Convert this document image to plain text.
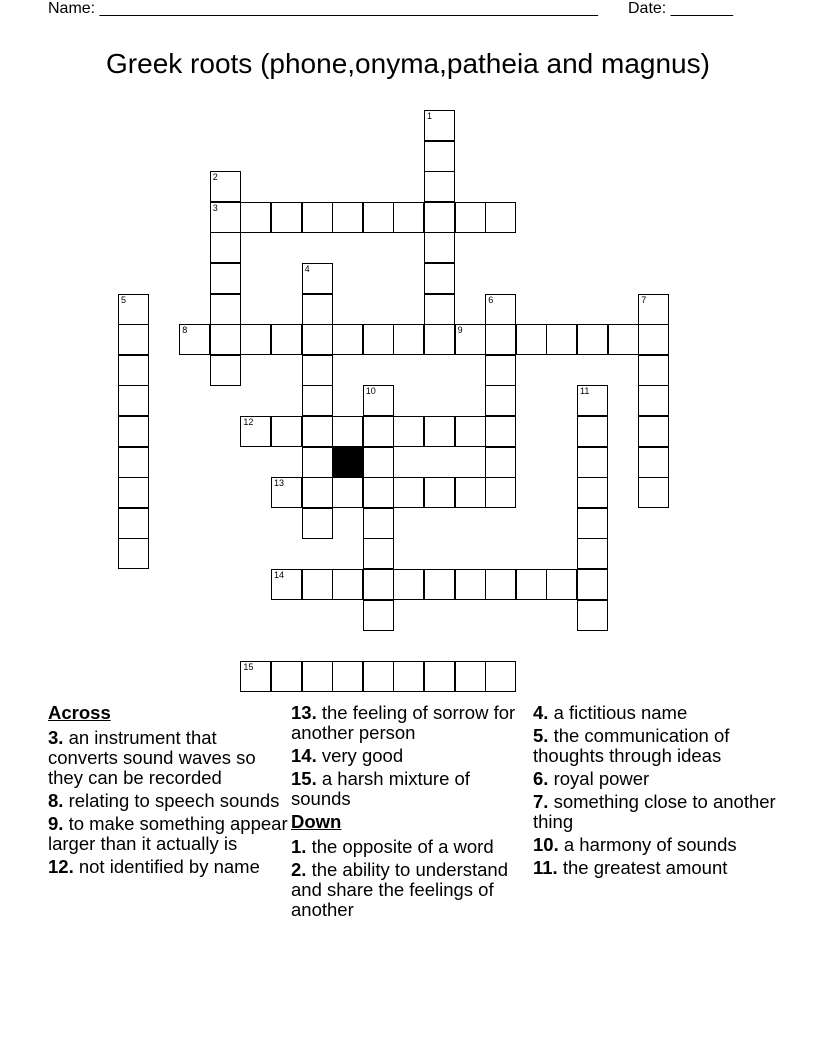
Name: ________________________________________________________ Date: _______
Greek roots (phone,onyma,patheia and magnus)
1
2
3
4
5	6	7
8	9
10	11
12
13
14
15
Across
3. an instrument that converts sound waves so they can be recorded
8. relating to speech sounds
9. to make something appear larger than it actually is
12. not identified by name
13. the feeling of sorrow for another person
14. very good
15. a harsh mixture of sounds
Down
1. the opposite of a word
2. the ability to understand and share the feelings of another
4. a fictitious name
5. the communication of thoughts through ideas
6. royal power
7. something close to another thing
10. a harmony of sounds
11. the greatest amount
